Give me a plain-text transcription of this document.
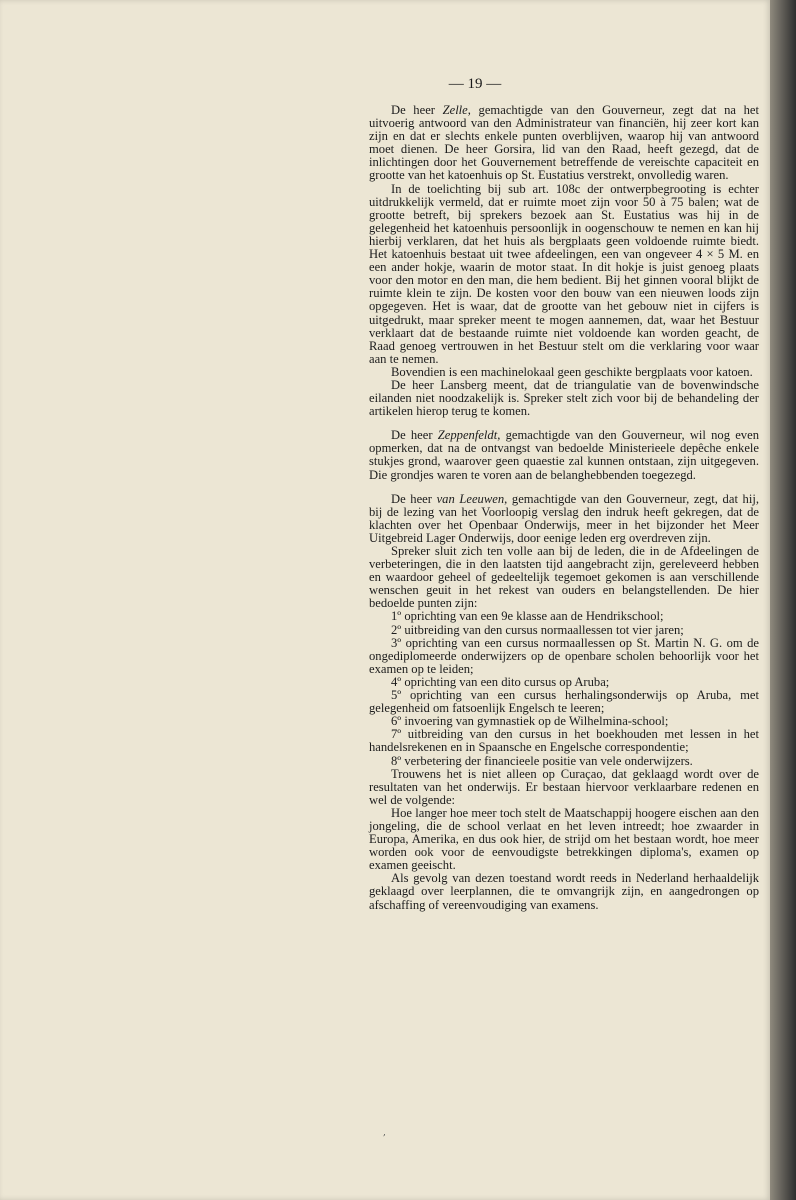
— 19 —

De heer Zelle, gemachtigde van den Gouverneur, zegt dat na het uitvoerig antwoord van den Administrateur van financiën, hij zeer kort kan zijn en dat er slechts enkele punten overblijven, waarop hij van antwoord moet dienen. De heer Gorsira, lid van den Raad, heeft gezegd, dat de inlichtingen door het Gouvernement betreffende de vereischte capaciteit en grootte van het katoenhuis op St. Eustatius verstrekt, onvolledig waren.

In de toelichting bij sub art. 108c der ontwerpbegrooting is echter uitdrukkelijk vermeld, dat er ruimte moet zijn voor 50 à 75 balen; wat de grootte betreft, bij sprekers bezoek aan St. Eustatius was hij in de gelegenheid het katoenhuis persoonlijk in oogenschouw te nemen en kan hij hierbij verklaren, dat het huis als bergplaats geen voldoende ruimte biedt. Het katoenhuis bestaat uit twee afdeelingen, een van ongeveer 4 × 5 M. en een ander hokje, waarin de motor staat. In dit hokje is juist genoeg plaats voor den motor en den man, die hem bedient. Bij het ginnen vooral blijkt de ruimte klein te zijn. De kosten voor den bouw van een nieuwen loods zijn opgegeven. Het is waar, dat de grootte van het gebouw niet in cijfers is uitgedrukt, maar spreker meent te mogen aannemen, dat, waar het Bestuur verklaart dat de bestaande ruimte niet voldoende kan worden geacht, de Raad genoeg vertrouwen in het Bestuur stelt om die verklaring voor waar aan te nemen.

Bovendien is een machinelokaal geen geschikte bergplaats voor katoen.

De heer Lansberg meent, dat de triangulatie van de bovenwindsche eilanden niet noodzakelijk is. Spreker stelt zich voor bij de behandeling der artikelen hierop terug te komen.

De heer Zeppenfeldt, gemachtigde van den Gouverneur, wil nog even opmerken, dat na de ontvangst van bedoelde Ministerieele depêche enkele stukjes grond, waarover geen quaestie zal kunnen ontstaan, zijn uitgegeven. Die grondjes waren te voren aan de belanghebbenden toegezegd.

De heer van Leeuwen, gemachtigde van den Gouverneur, zegt, dat hij, bij de lezing van het Voorloopig verslag den indruk heeft gekregen, dat de klachten over het Openbaar Onderwijs, meer in het bijzonder het Meer Uitgebreid Lager Onderwijs, door eenige leden erg overdreven zijn.

Spreker sluit zich ten volle aan bij de leden, die in de Afdeelingen de verbeteringen, die in den laatsten tijd aangebracht zijn, gereleveerd hebben en waardoor geheel of gedeeltelijk tegemoet gekomen is aan verschillende wenschen geuit in het rekest van ouders en belangstellenden. De hier bedoelde punten zijn:

1º oprichting van een 9e klasse aan de Hendrikschool;

2º uitbreiding van den cursus normaallessen tot vier jaren;

3º oprichting van een cursus normaallessen op St. Martin N. G. om de ongediplomeerde onderwijzers op de openbare scholen behoorlijk voor het examen op te leiden;

4º oprichting van een dito cursus op Aruba;

5º oprichting van een cursus herhalingsonderwijs op Aruba, met gelegenheid om fatsoenlijk Engelsch te leeren;

6º invoering van gymnastiek op de Wilhelmina-school;

7º uitbreiding van den cursus in het boekhouden met lessen in het handelsrekenen en in Spaansche en Engelsche correspondentie;

8º verbetering der financieele positie van vele onderwijzers.

Trouwens het is niet alleen op Curaçao, dat geklaagd wordt over de resultaten van het onderwijs. Er bestaan hiervoor verklaarbare redenen en wel de volgende:

Hoe langer hoe meer toch stelt de Maatschappij hoogere eischen aan den jongeling, die de school verlaat en het leven intreedt; hoe zwaarder in Europa, Amerika, en dus ook hier, de strijd om het bestaan wordt, hoe meer worden ook voor de eenvoudigste betrekkingen diploma's, examen op examen geeischt.

Als gevolg van dezen toestand wordt reeds in Nederland herhaaldelijk geklaagd over leerplannen, die te omvangrijk zijn, en aangedrongen op afschaffing of vereenvoudiging van examens.

,
